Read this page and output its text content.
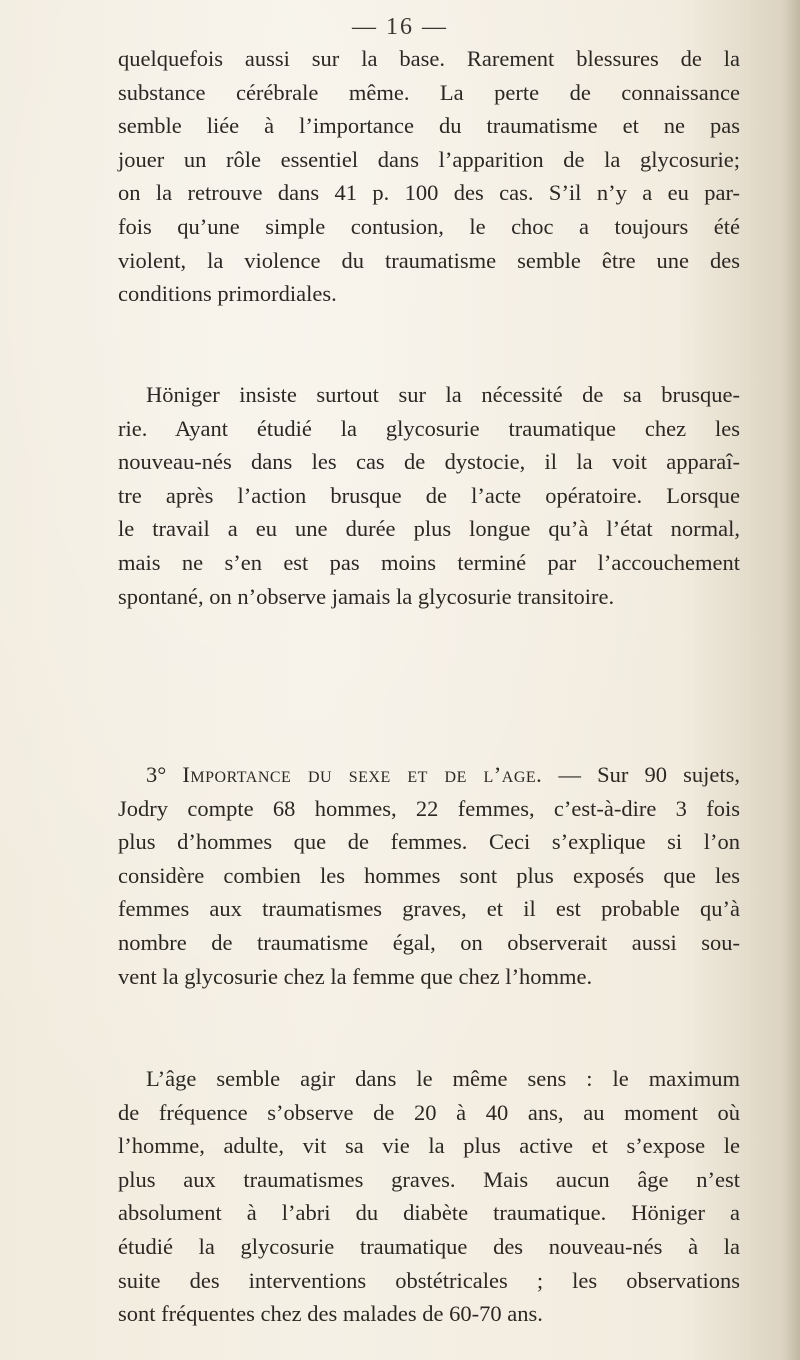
— 16 —
quelquefois aussi sur la base. Rarement blessures de la
substance cérébrale même. La perte de connaissance
semble liée à l’importance du traumatisme et ne pas
jouer un rôle essentiel dans l’apparition de la glycosurie;
on la retrouve dans 41 p. 100 des cas. S’il n’y a eu par-
fois qu’une simple contusion, le choc a toujours été
violent, la violence du traumatisme semble être une des
conditions primordiales.
Höniger insiste surtout sur la nécessité de sa brusque-
rie. Ayant étudié la glycosurie traumatique chez les
nouveau-nés dans les cas de dystocie, il la voit apparaî-
tre après l’action brusque de l’acte opératoire. Lorsque
le travail a eu une durée plus longue qu’à l’état normal,
mais ne s’en est pas moins terminé par l’accouchement
spontané, on n’observe jamais la glycosurie transitoire.
3° Importance du sexe et de l’age. — Sur 90 sujets,
Jodry compte 68 hommes, 22 femmes, c’est-à-dire 3 fois
plus d’hommes que de femmes. Ceci s’explique si l’on
considère combien les hommes sont plus exposés que les
femmes aux traumatismes graves, et il est probable qu’à
nombre de traumatisme égal, on observerait aussi sou-
vent la glycosurie chez la femme que chez l’homme.
L’âge semble agir dans le même sens : le maximum
de fréquence s’observe de 20 à 40 ans, au moment où
l’homme, adulte, vit sa vie la plus active et s’expose le
plus aux traumatismes graves. Mais aucun âge n’est
absolument à l’abri du diabète traumatique. Höniger a
étudié la glycosurie traumatique des nouveau-nés à la
suite des interventions obstétricales ; les observations
sont fréquentes chez des malades de 60-70 ans.
